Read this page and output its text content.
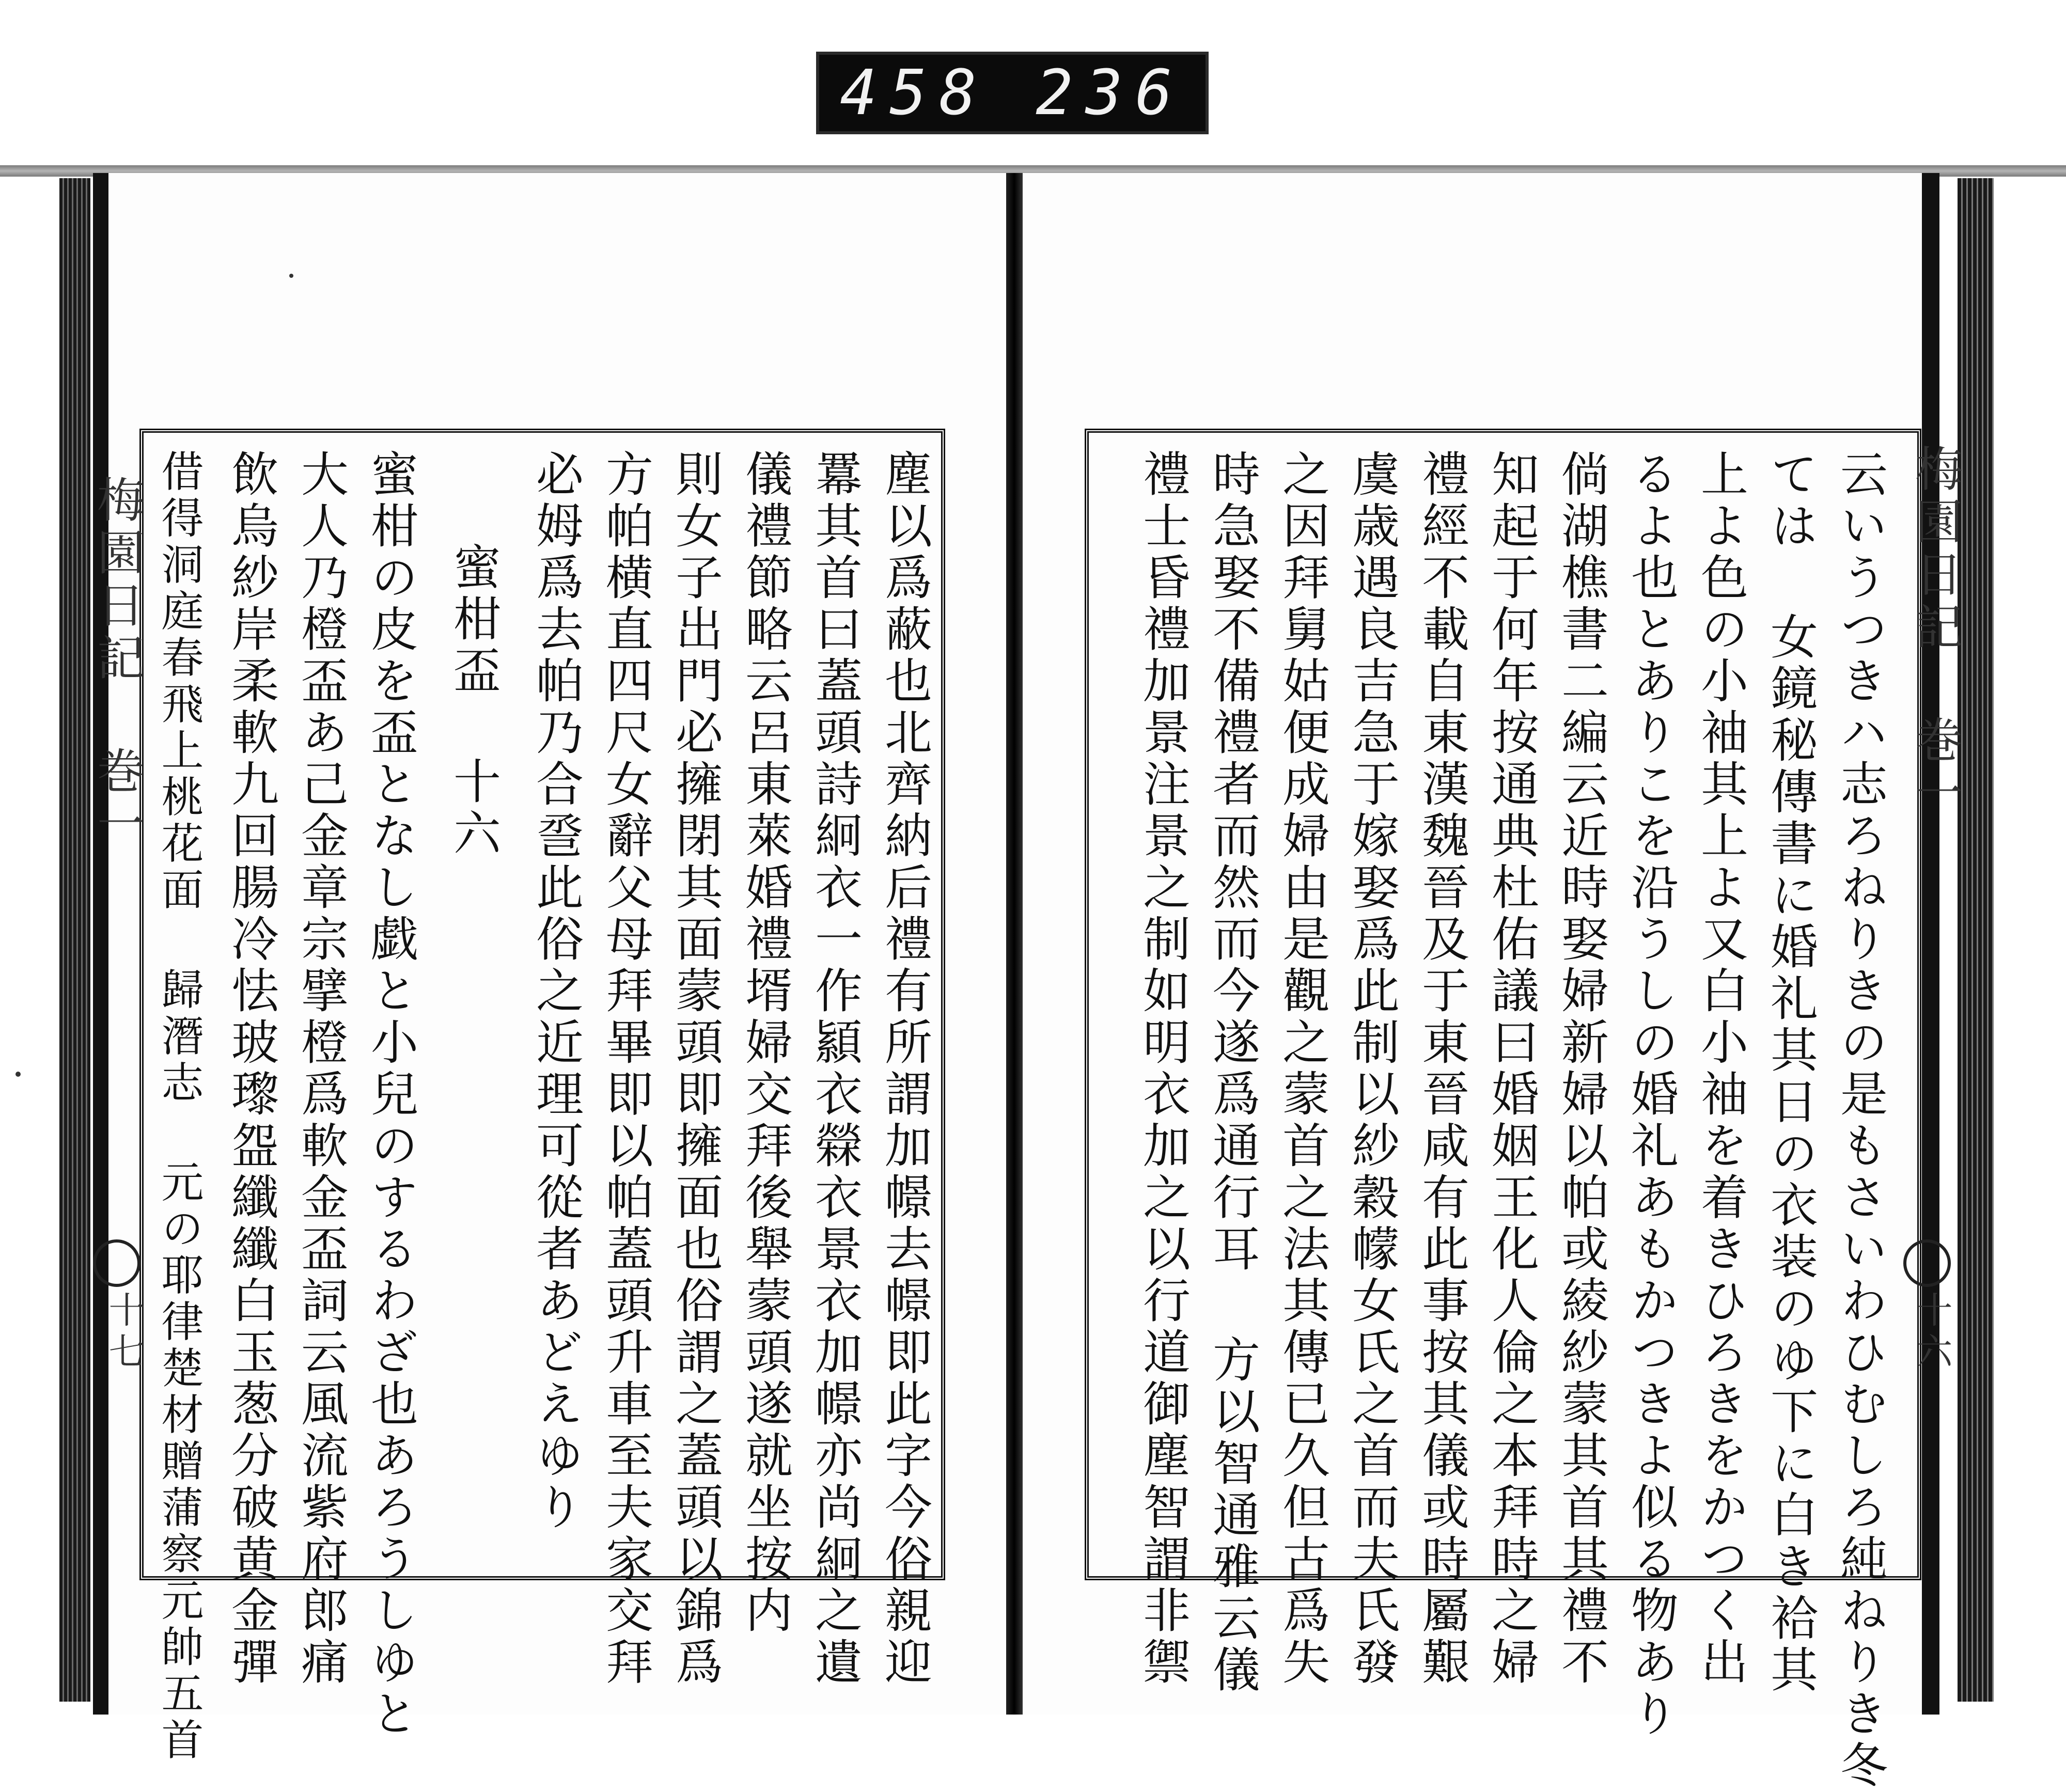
458 236
梅園日記 巻一
十六
云いうつきハ志ろねりきの是もさいわひむしろ純ねりき冬
ては 女鏡秘傳書に婚礼其日の衣装のゆ下に白き袷其
上よ色の小袖其上よ又白小袖を着きひろきをかつく出
るよ也とありこを沿うしの婚礼あもかつきよ似る物あり
倘湖樵書二編云近時娶婦新婦以帕或綾紗蒙其首其禮不
知起于何年按通典杜佑議曰婚姻王化人倫之本拜時之婦
禮經不載自東漢魏晉及于東晉咸有此事按其儀或時屬艱
虞歳遇良吉急于嫁娶爲此制以紗穀幪女氏之首而夫氏發
之因拜舅姑便成婦由是觀之蒙首之法其傳已久但古爲失
時急娶不備禮者而然而今遂爲通行耳 方以智通雅云儀
禮士昏禮加景注景之制如明衣加之以行道御塵智謂非禦
梅園日記 巻一
十七	塵以爲蔽也北齊納后禮有所謂加幜去幜即此字今俗親迎
羃其首曰蓋頭詩絅衣一作顈衣檾衣景衣加幜亦尚絅之遺
儀禮節略云呂東萊婚禮壻婦交拜後舉蒙頭遂就坐按内
則女子出門必擁閉其面蒙頭即擁面也俗謂之蓋頭以錦爲
方帕横直四尺女辭父母拜畢即以帕蓋頭升車至夫家交拜
必姆爲去帕乃合巹此俗之近理可從者あどえゆり
蜜柑盃 十六
蜜柑の皮を盃となし戯と小兒のするわざ也あろうしゆと
大人乃橙盃あ己金章宗擘橙爲軟金盃詞云風流紫府郎痛
飲烏紗岸柔軟九回腸冷怯玻瓈盌纖纖白玉葱分破黄金彈
借得洞庭春飛上桃花面 歸潛志 元の耶律楚材贈蒲察元帥五首
